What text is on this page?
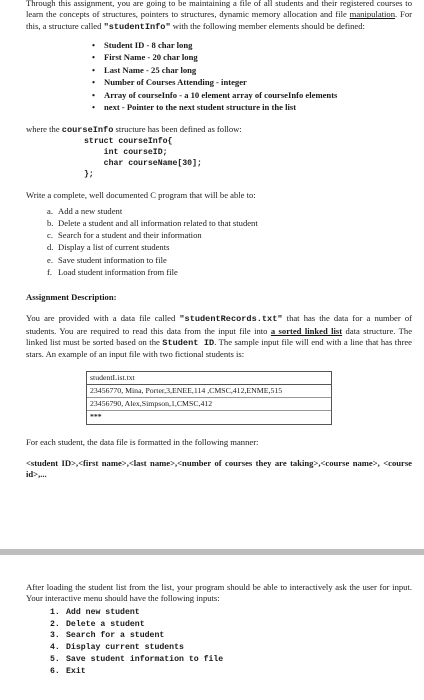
Through this assignment, you are going to be maintaining a file of all students and their registered courses to learn the concepts of structures, pointers to structures, dynamic memory allocation and file manipulation. For this, a structure called "studentInfo" with the following member elements should be defined:

• Student ID - 8 char long
• First Name - 20 char long
• Last Name - 25 char long
• Number of Courses Attending - integer
• Array of courseInfo - a 10 element array of courseInfo elements
• next - Pointer to the next student structure in the list

where the courseInfo structure has been defined as follow:

struct courseInfo{
int courseID;
char courseName[30];
};

Write a complete, well documented C program that will be able to:

a. Add a new student
b. Delete a student and all information related to that student
c. Search for a student and their information
d. Display a list of current students
e. Save student information to file
f. Load student information from file
Assignment Description:

You are provided with a data file called "studentRecords.txt" that has the data for a number of students. You are required to read this data from the input file into a sorted linked list data structure. The linked list must be sorted based on the Student ID. The sample input file will end with a line that has three stars. An example of an input file with two fictional students is:

studentList.txt
23456770, Mina, Porter,3,ENEE,114 ,CMSC,412,ENME,515
23456790, Alex,Simpson,1,CMSC,412
***

For each student, the data file is formatted in the following manner:

<student ID>,<first name>,<last name>,<number of courses they are taking>,<course name>, <course id>,...

After loading the student list from the list, your program should be able to interactively ask the user for input. Your interactive menu should have the following inputs:

1. Add new student
2. Delete a student
3. Search for a student
4. Display current students
5. Save student information to file
6. Exit
